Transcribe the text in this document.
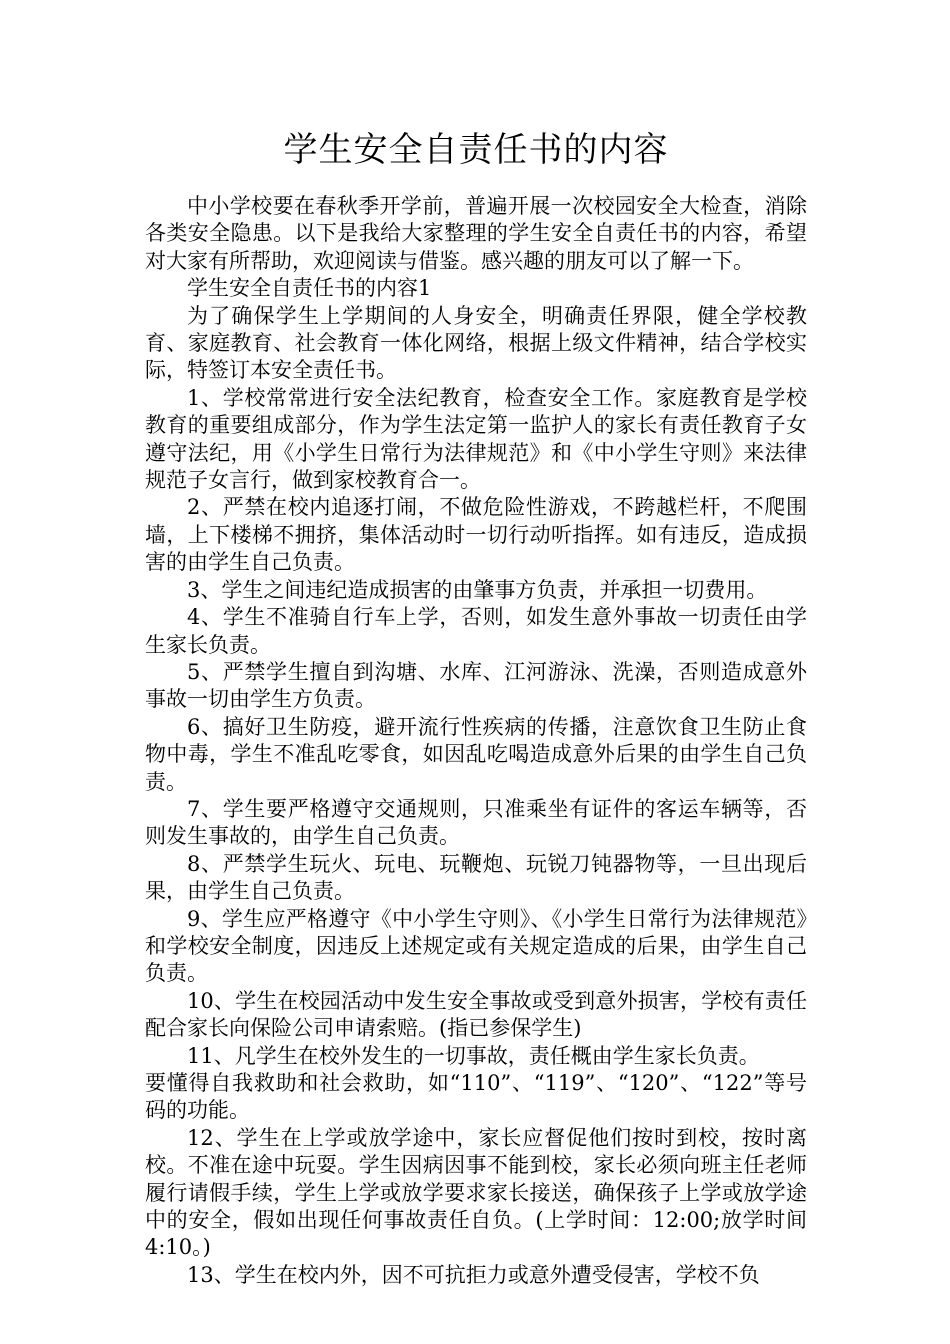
学生安全自责任书的内容

中小学校要在春秋季开学前，普遍开展一次校园安全大检查，消除各类安全隐患。以下是我给大家整理的学生安全自责任书的内容，希望对大家有所帮助，欢迎阅读与借鉴。感兴趣的朋友可以了解一下。

学生安全自责任书的内容1

为了确保学生上学期间的人身安全，明确责任界限，健全学校教育、家庭教育、社会教育一体化网络，根据上级文件精神，结合学校实际，特签订本安全责任书。

1、学校常常进行安全法纪教育，检查安全工作。家庭教育是学校教育的重要组成部分，作为学生法定第一监护人的家长有责任教育子女遵守法纪，用《小学生日常行为法律规范》和《中小学生守则》来法律规范子女言行，做到家校教育合一。

2、严禁在校内追逐打闹，不做危险性游戏，不跨越栏杆，不爬围墙，上下楼梯不拥挤，集体活动时一切行动听指挥。如有违反，造成损害的由学生自己负责。

3、学生之间违纪造成损害的由肇事方负责，并承担一切费用。

4、学生不准骑自行车上学，否则，如发生意外事故一切责任由学生家长负责。

5、严禁学生擅自到沟塘、水库、江河游泳、洗澡，否则造成意外事故一切由学生方负责。

6、搞好卫生防疫，避开流行性疾病的传播，注意饮食卫生防止食物中毒，学生不准乱吃零食，如因乱吃喝造成意外后果的由学生自己负责。

7、学生要严格遵守交通规则，只准乘坐有证件的客运车辆等，否则发生事故的，由学生自己负责。

8、严禁学生玩火、玩电、玩鞭炮、玩锐刀钝器物等，一旦出现后果，由学生自己负责。

9、学生应严格遵守《中小学生守则》、《小学生日常行为法律规范》和学校安全制度，因违反上述规定或有关规定造成的后果，由学生自己负责。

10、学生在校园活动中发生安全事故或受到意外损害，学校有责任配合家长向保险公司申请索赔。(指已参保学生)

11、凡学生在校外发生的一切事故，责任概由学生家长负责。

要懂得自我救助和社会救助，如“110”、“119”、“120”、“122”等号码的功能。

12、学生在上学或放学途中，家长应督促他们按时到校，按时离校。不准在途中玩耍。学生因病因事不能到校，家长必须向班主任老师履行请假手续，学生上学或放学要求家长接送，确保孩子上学或放学途中的安全，假如出现任何事故责任自负。(上学时间：12:00;放学时间4:10。)

13、学生在校内外，因不可抗拒力或意外遭受侵害，学校不负
